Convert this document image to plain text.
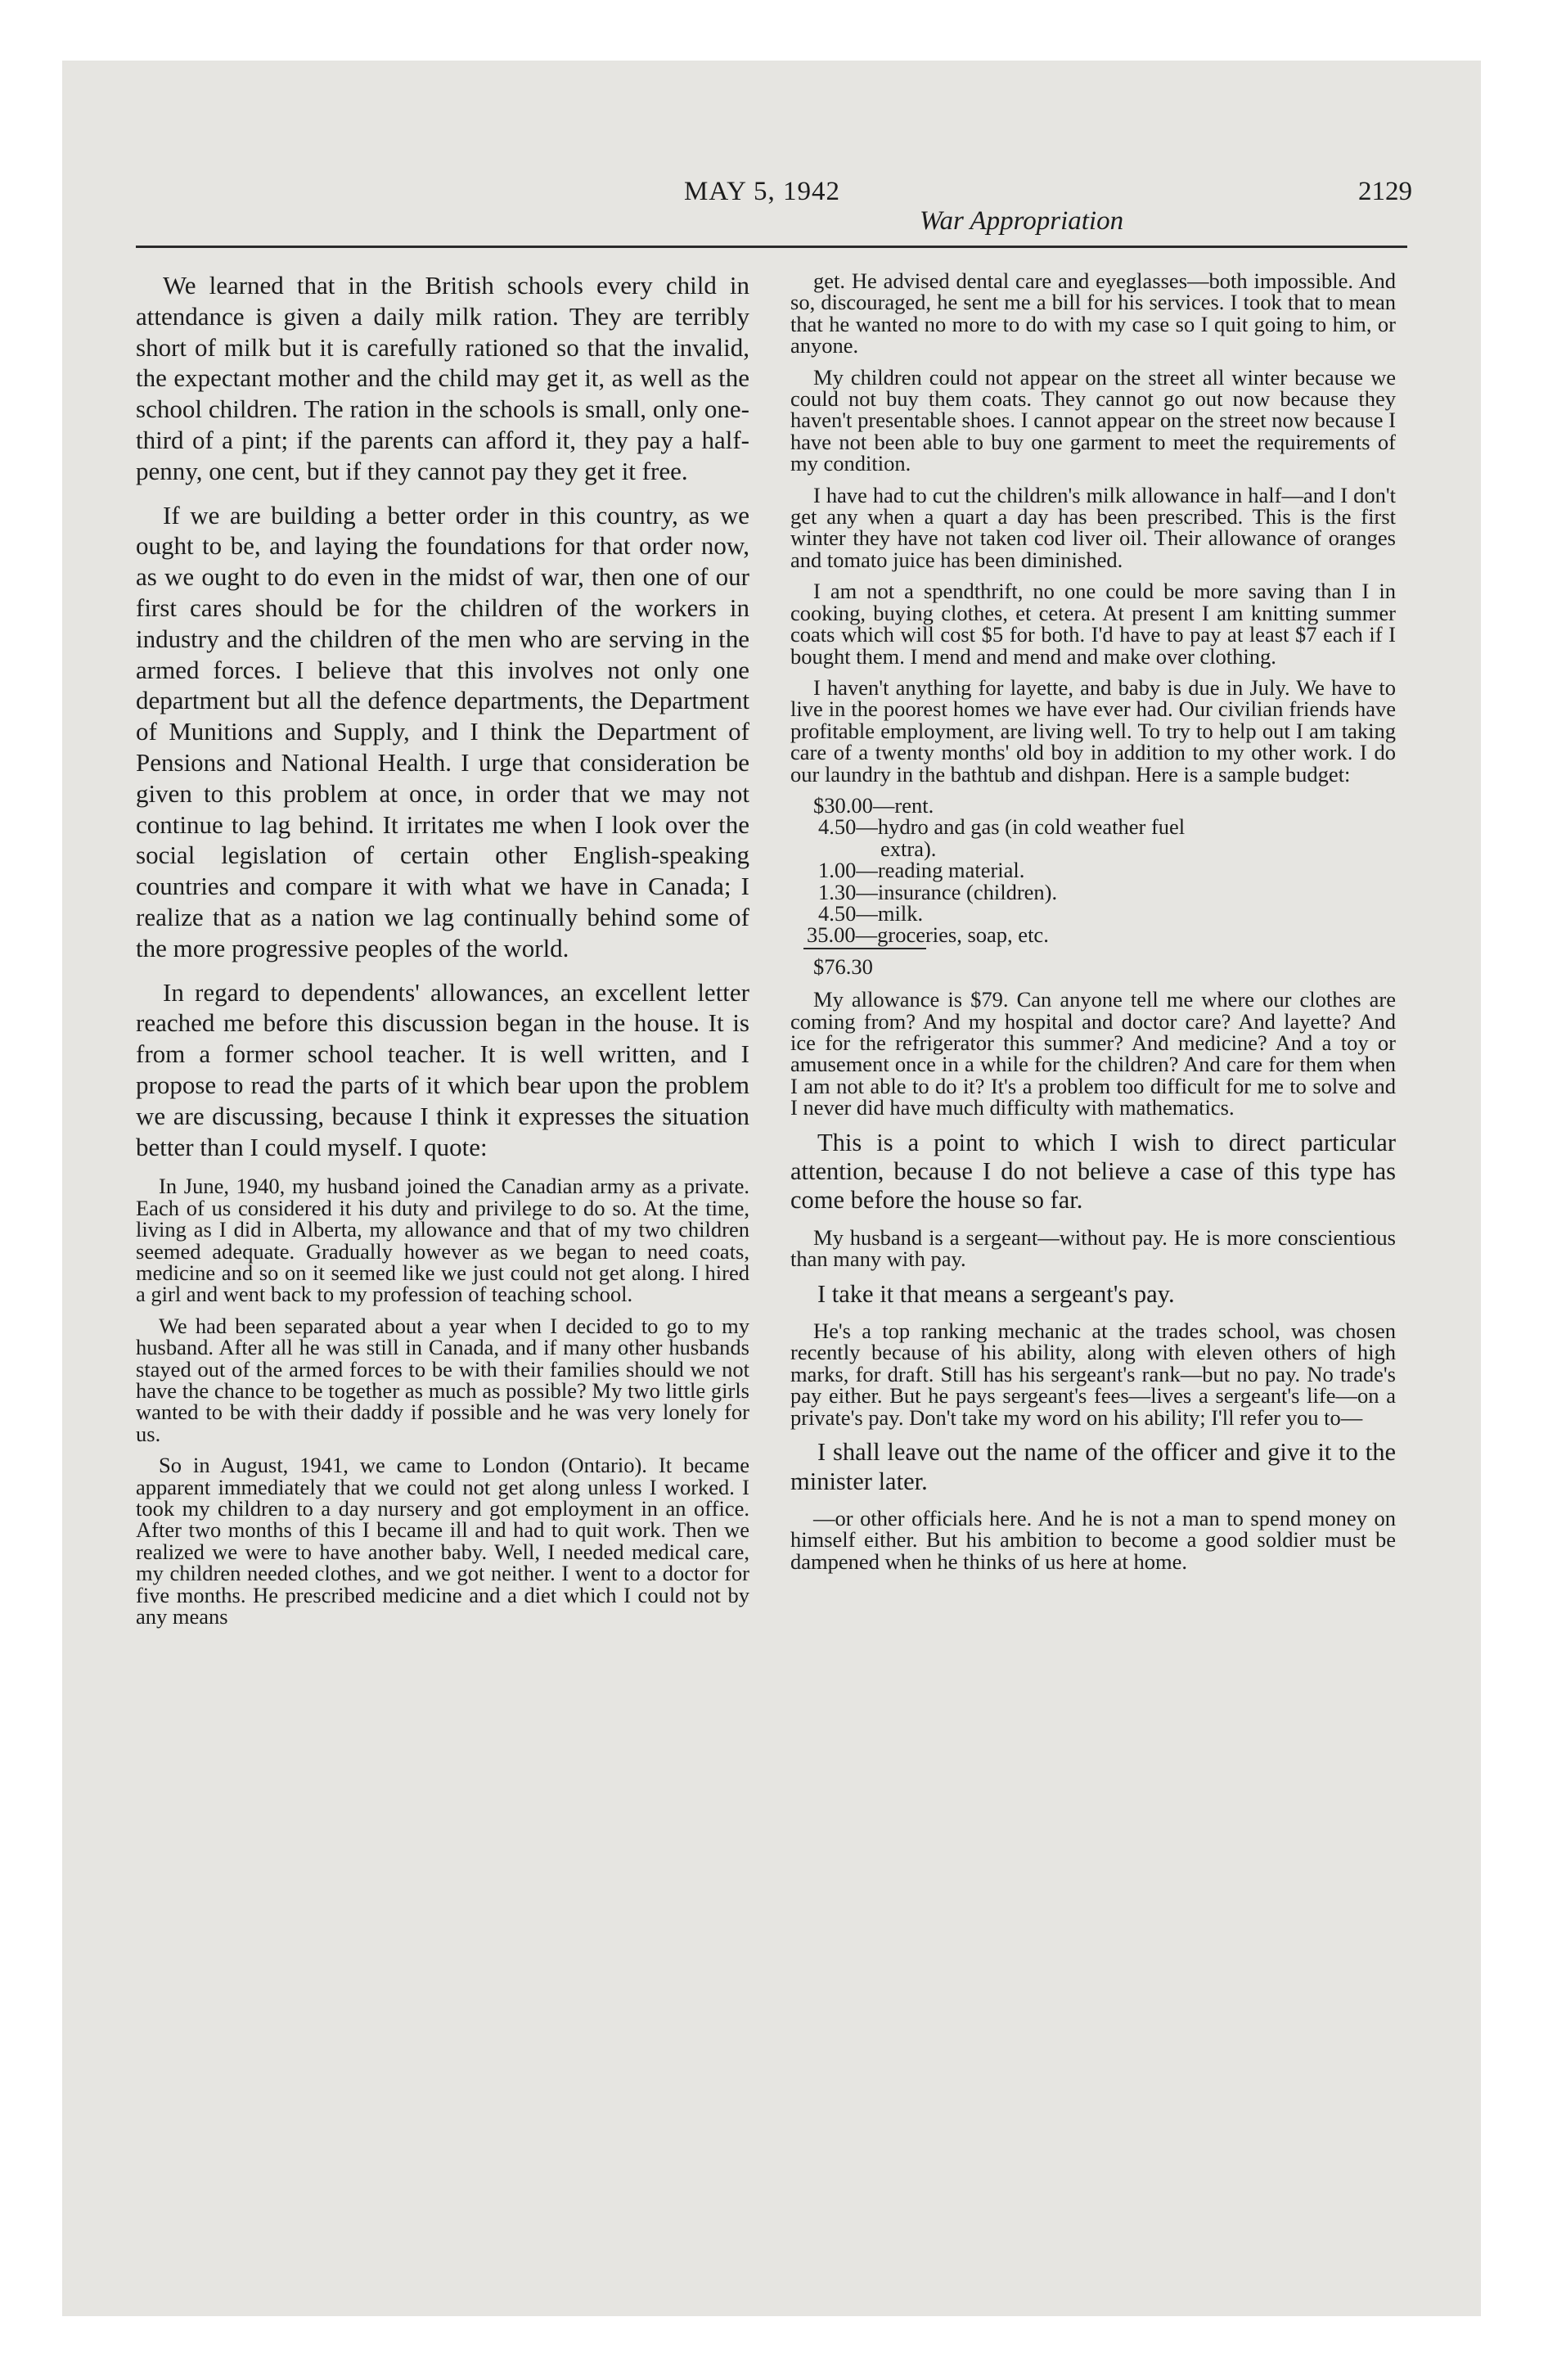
MAY 5, 1942
War Appropriation
2129

We learned that in the British schools every child in attendance is given a daily milk ration. They are terribly short of milk but it is carefully rationed so that the invalid, the expectant mother and the child may get it, as well as the school children. The ration in the schools is small, only one-third of a pint; if the parents can afford it, they pay a half-penny, one cent, but if they cannot pay they get it free.

If we are building a better order in this country, as we ought to be, and laying the foundations for that order now, as we ought to do even in the midst of war, then one of our first cares should be for the children of the workers in industry and the children of the men who are serving in the armed forces. I believe that this involves not only one department but all the defence departments, the Department of Munitions and Supply, and I think the Department of Pensions and National Health. I urge that consideration be given to this problem at once, in order that we may not continue to lag behind. It irritates me when I look over the social legislation of certain other English-speaking countries and compare it with what we have in Canada; I realize that as a nation we lag continually behind some of the more progressive peoples of the world.

In regard to dependents' allowances, an excellent letter reached me before this discussion began in the house. It is from a former school teacher. It is well written, and I propose to read the parts of it which bear upon the problem we are discussing, because I think it expresses the situation better than I could myself. I quote:

In June, 1940, my husband joined the Canadian army as a private. Each of us considered it his duty and privilege to do so. At the time, living as I did in Alberta, my allowance and that of my two children seemed adequate. Gradually however as we began to need coats, medicine and so on it seemed like we just could not get along. I hired a girl and went back to my profession of teaching school.

We had been separated about a year when I decided to go to my husband. After all he was still in Canada, and if many other husbands stayed out of the armed forces to be with their families should we not have the chance to be together as much as possible? My two little girls wanted to be with their daddy if possible and he was very lonely for us.

So in August, 1941, we came to London (Ontario). It became apparent immediately that we could not get along unless I worked. I took my children to a day nursery and got employment in an office. After two months of this I became ill and had to quit work. Then we realized we were to have another baby. Well, I needed medical care, my children needed clothes, and we got neither. I went to a doctor for five months. He prescribed medicine and a diet which I could not by any means

get. He advised dental care and eyeglasses—both impossible. And so, discouraged, he sent me a bill for his services. I took that to mean that he wanted no more to do with my case so I quit going to him, or anyone.

My children could not appear on the street all winter because we could not buy them coats. They cannot go out now because they haven't presentable shoes. I cannot appear on the street now because I have not been able to buy one garment to meet the requirements of my condition.

I have had to cut the children's milk allowance in half—and I don't get any when a quart a day has been prescribed. This is the first winter they have not taken cod liver oil. Their allowance of oranges and tomato juice has been diminished.

I am not a spendthrift, no one could be more saving than I in cooking, buying clothes, et cetera. At present I am knitting summer coats which will cost $5 for both. I'd have to pay at least $7 each if I bought them. I mend and mend and make over clothing.

I haven't anything for layette, and baby is due in July. We have to live in the poorest homes we have ever had. Our civilian friends have profitable employment, are living well. To try to help out I am taking care of a twenty months' old boy in addition to my other work. I do our laundry in the bathtub and dishpan. Here is a sample budget:

$30.00—rent.
4.50—hydro and gas (in cold weather fuel
extra).
1.00—reading material.
1.30—insurance (children).
4.50—milk.
35.00—groceries, soap, etc.
$76.30

My allowance is $79. Can anyone tell me where our clothes are coming from? And my hospital and doctor care? And layette? And ice for the refrigerator this summer? And medicine? And a toy or amusement once in a while for the children? And care for them when I am not able to do it? It's a problem too difficult for me to solve and I never did have much difficulty with mathematics.

This is a point to which I wish to direct particular attention, because I do not believe a case of this type has come before the house so far.

My husband is a sergeant—without pay. He is more conscientious than many with pay.

I take it that means a sergeant's pay.

He's a top ranking mechanic at the trades school, was chosen recently because of his ability, along with eleven others of high marks, for draft. Still has his sergeant's rank—but no pay. No trade's pay either. But he pays sergeant's fees—lives a sergeant's life—on a private's pay. Don't take my word on his ability; I'll refer you to—

I shall leave out the name of the officer and give it to the minister later.

—or other officials here. And he is not a man to spend money on himself either. But his ambition to become a good soldier must be dampened when he thinks of us here at home.
